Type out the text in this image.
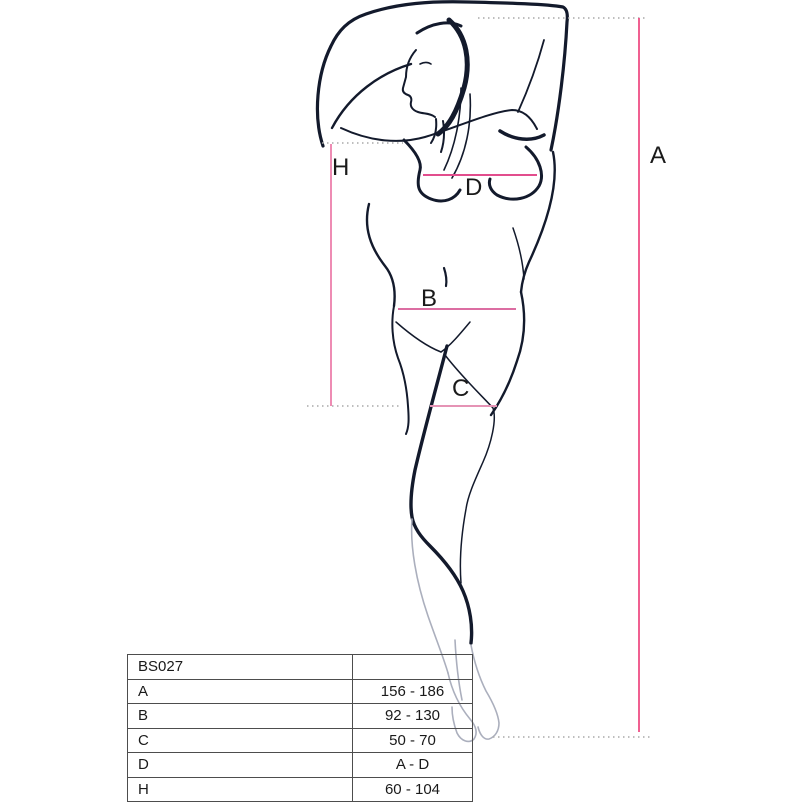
A
H
D
B
C
BS027	
A	156 - 186
B	92 - 130
C	50 - 70
D	A - D
H	60 - 104
